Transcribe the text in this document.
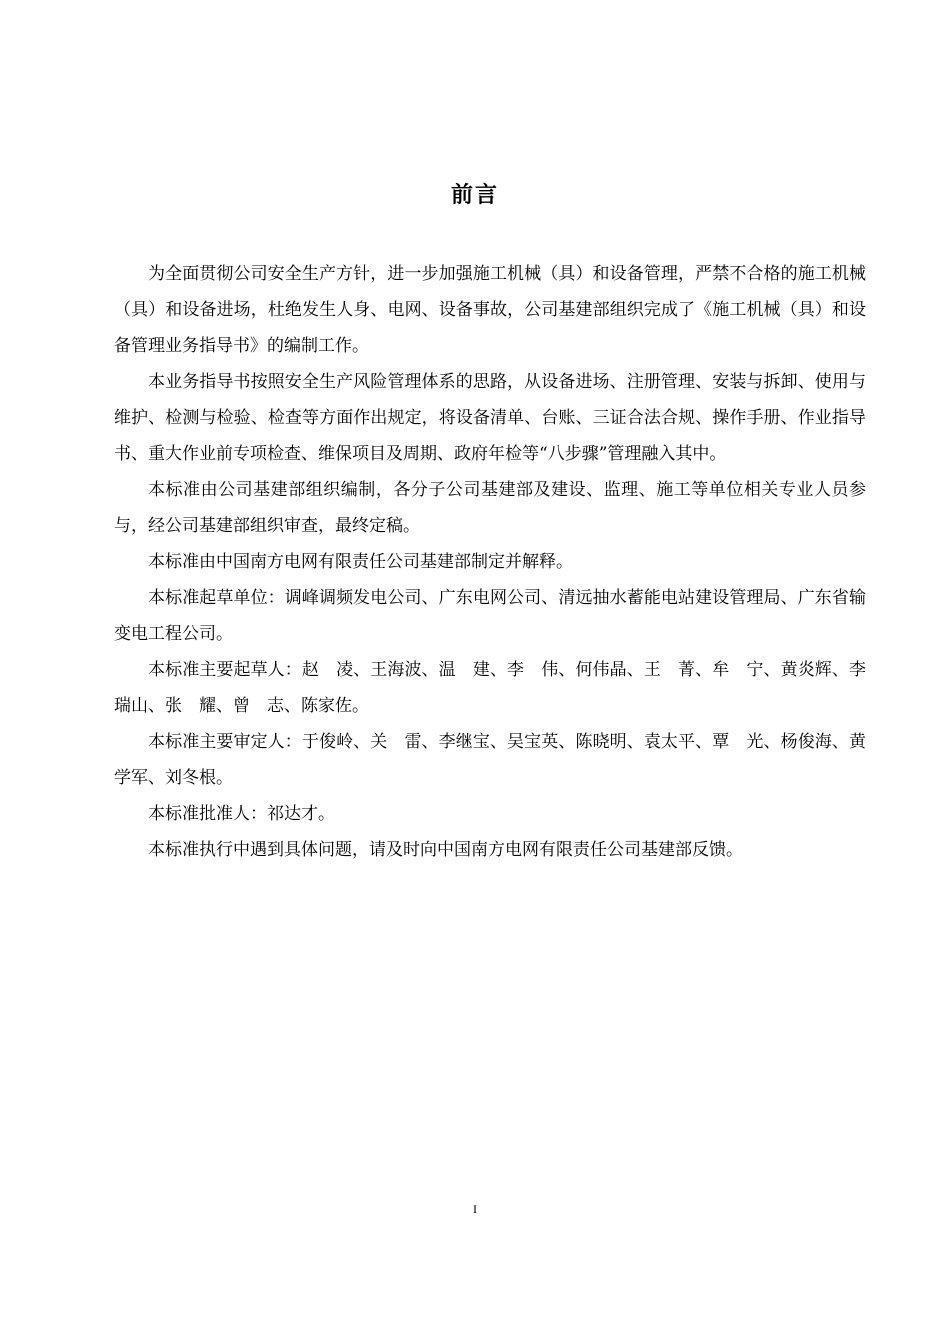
前言

为全面贯彻公司安全生产方针，进一步加强施工机械（具）和设备管理，严禁不合格的施工机械（具）和设备进场，杜绝发生人身、电网、设备事故，公司基建部组织完成了《施工机械（具）和设备管理业务指导书》的编制工作。

本业务指导书按照安全生产风险管理体系的思路，从设备进场、注册管理、安装与拆卸、使用与维护、检测与检验、检查等方面作出规定，将设备清单、台账、三证合法合规、操作手册、作业指导书、重大作业前专项检查、维保项目及周期、政府年检等“八步骤”管理融入其中。

本标准由公司基建部组织编制，各分子公司基建部及建设、监理、施工等单位相关专业人员参与，经公司基建部组织审查，最终定稿。

本标准由中国南方电网有限责任公司基建部制定并解释。

本标准起草单位：调峰调频发电公司、广东电网公司、清远抽水蓄能电站建设管理局、广东省输变电工程公司。

本标准主要起草人：赵　凌、王海波、温　建、李　伟、何伟晶、王　菁、牟　宁、黄炎辉、李瑞山、张　耀、曾　志、陈家佐。

本标准主要审定人：于俊岭、关　雷、李继宝、吴宝英、陈晓明、袁太平、覃　光、杨俊海、黄学军、刘冬根。

本标准批准人：祁达才。

本标准执行中遇到具体问题，请及时向中国南方电网有限责任公司基建部反馈。

I
